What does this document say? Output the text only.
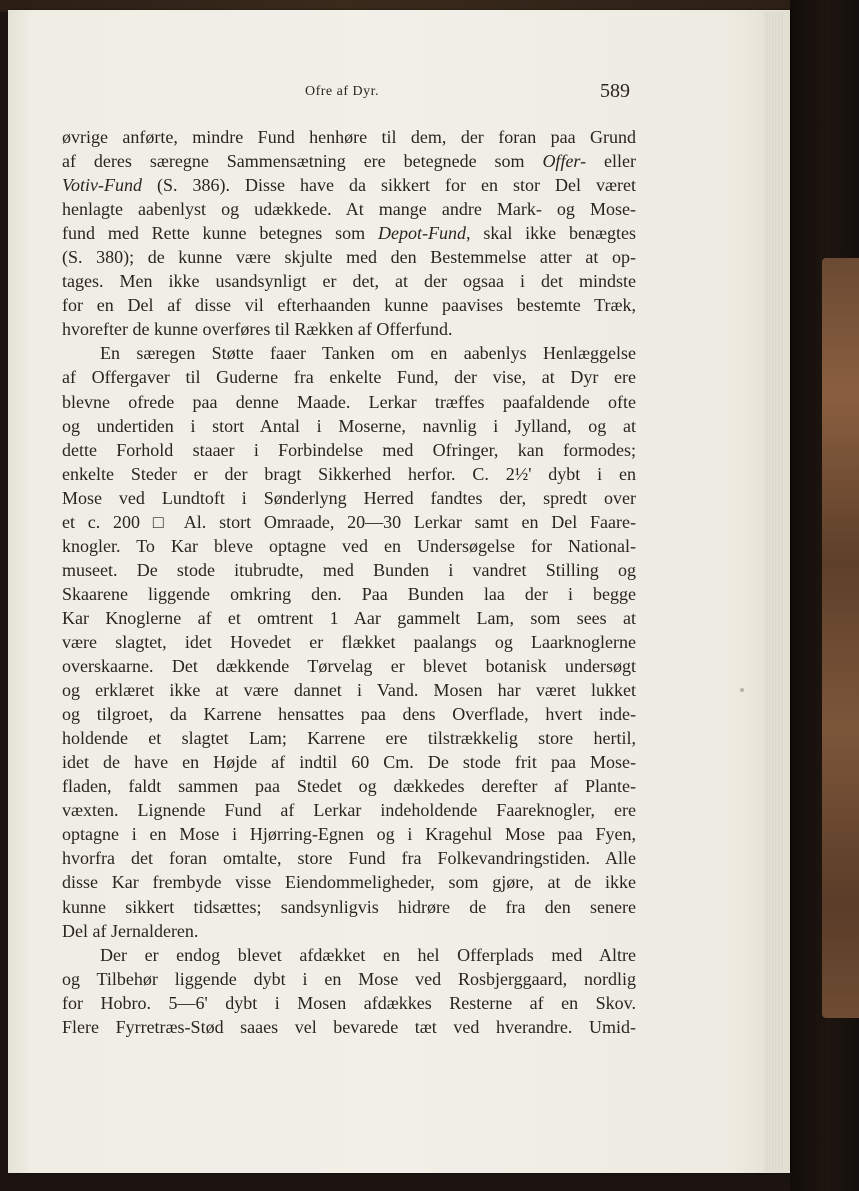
Ofre af Dyr.	589
øvrige anførte, mindre Fund henhøre til dem, der foran paa Grund
af deres særegne Sammensætning ere betegnede som Offer- eller
Votiv-Fund (S. 386). Disse have da sikkert for en stor Del været
henlagte aabenlyst og udækkede. At mange andre Mark- og Mose-
fund med Rette kunne betegnes som Depot-Fund, skal ikke benægtes
(S. 380); de kunne være skjulte med den Bestemmelse atter at op-
tages. Men ikke usandsynligt er det, at der ogsaa i det mindste
for en Del af disse vil efterhaanden kunne paavises bestemte Træk,
hvorefter de kunne overføres til Rækken af Offerfund.
En særegen Støtte faaer Tanken om en aabenlys Henlæggelse
af Offergaver til Guderne fra enkelte Fund, der vise, at Dyr ere
blevne ofrede paa denne Maade. Lerkar træffes paafaldende ofte
og undertiden i stort Antal i Moserne, navnlig i Jylland, og at
dette Forhold staaer i Forbindelse med Ofringer, kan formodes;
enkelte Steder er der bragt Sikkerhed herfor. C. 2½' dybt i en
Mose ved Lundtoft i Sønderlyng Herred fandtes der, spredt over
et c. 200 □ Al. stort Omraade, 20—30 Lerkar samt en Del Faare-
knogler. To Kar bleve optagne ved en Undersøgelse for National-
museet. De stode itubrudte, med Bunden i vandret Stilling og
Skaarene liggende omkring den. Paa Bunden laa der i begge
Kar Knoglerne af et omtrent 1 Aar gammelt Lam, som sees at
være slagtet, idet Hovedet er flækket paalangs og Laarknoglerne
overskaarne. Det dækkende Tørvelag er blevet botanisk undersøgt
og erklæret ikke at være dannet i Vand. Mosen har været lukket
og tilgroet, da Karrene hensattes paa dens Overflade, hvert inde-
holdende et slagtet Lam; Karrene ere tilstrækkelig store hertil,
idet de have en Højde af indtil 60 Cm. De stode frit paa Mose-
fladen, faldt sammen paa Stedet og dækkedes derefter af Plante-
væxten. Lignende Fund af Lerkar indeholdende Faareknogler, ere
optagne i en Mose i Hjørring-Egnen og i Kragehul Mose paa Fyen,
hvorfra det foran omtalte, store Fund fra Folkevandringstiden. Alle
disse Kar frembyde visse Eiendommeligheder, som gjøre, at de ikke
kunne sikkert tidsættes; sandsynligvis hidrøre de fra den senere
Del af Jernalderen.
Der er endog blevet afdækket en hel Offerplads med Altre
og Tilbehør liggende dybt i en Mose ved Rosbjerggaard, nordlig
for Hobro. 5—6' dybt i Mosen afdækkes Resterne af en Skov.
Flere Fyrretræs-Stød saaes vel bevarede tæt ved hverandre. Umid-
